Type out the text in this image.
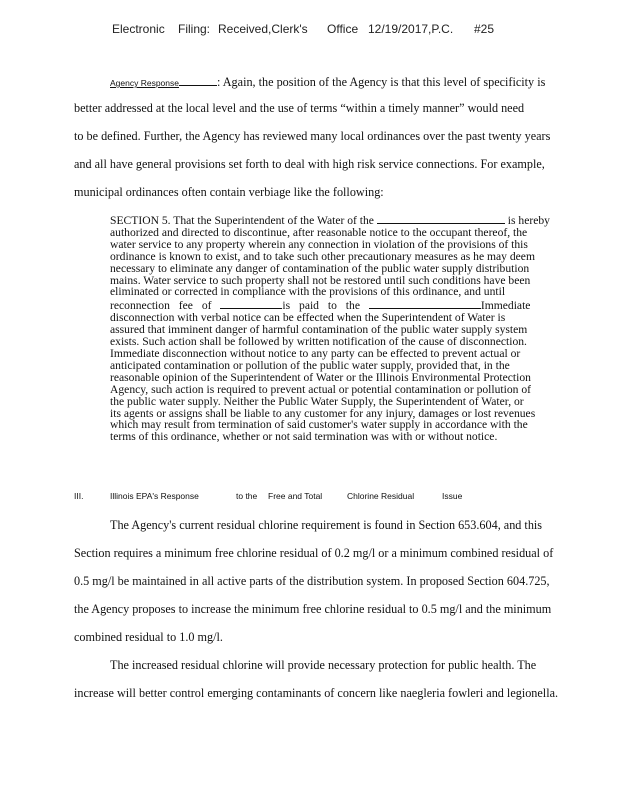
Electronic Filing: Received,Clerk's Office 12/19/2017,P.C. #25
Agency Response	: Again, the position of the Agency is that this level of specificity is
better addressed at the local level and the use of terms “within a timely manner” would need
to be defined. Further, the Agency has reviewed many local ordinances over the past twenty years
and all have general provisions set forth to deal with high risk service connections. For example,
municipal ordinances often contain verbiage like the following:

SECTION 5. That the Superintendent of the Water of the	is hereby

authorized and directed to discontinue, after reasonable notice to the occupant thereof, the

water service to any property wherein any connection in violation of the provisions of this

ordinance is known to exist, and to take such other precautionary measures as he may deem

necessary to eliminate any danger of contamination of the public water supply distribution

mains. Water service to such property shall not be restored until such conditions have been

eliminated or corrected in compliance with the provisions of this ordinance, and until

reconnection fee of	is paid to the	Immediate

disconnection with verbal notice can be effected when the Superintendent of Water is

assured that imminent danger of harmful contamination of the public water supply system

exists. Such action shall be followed by written notification of the cause of disconnection.

Immediate disconnection without notice to any party can be effected to prevent actual or

anticipated contamination or pollution of the public water supply, provided that, in the

reasonable opinion of the Superintendent of Water or the Illinois Environmental Protection

Agency, such action is required to prevent actual or potential contamination or pollution of

the public water supply. Neither the Public Water Supply, the Superintendent of Water, or

its agents or assigns shall be liable to any customer for any injury, damages or lost revenues

which may result from termination of said customer's water supply in accordance with the

terms of this ordinance, whether or not said termination was with or without notice.

III.	Illinois EPA's Response	to the Free and Total	Chlorine Residual	Issue
The Agency's current residual chlorine requirement is found in Section 653.604, and this
Section requires a minimum free chlorine residual of 0.2 mg/l or a minimum combined residual of
0.5 mg/l be maintained in all active parts of the distribution system. In proposed Section 604.725,
the Agency proposes to increase the minimum free chlorine residual to 0.5 mg/l and the minimum
combined residual to 1.0 mg/l.
The increased residual chlorine will provide necessary protection for public health. The
increase will better control emerging contaminants of concern like naegleria fowleri and legionella.
